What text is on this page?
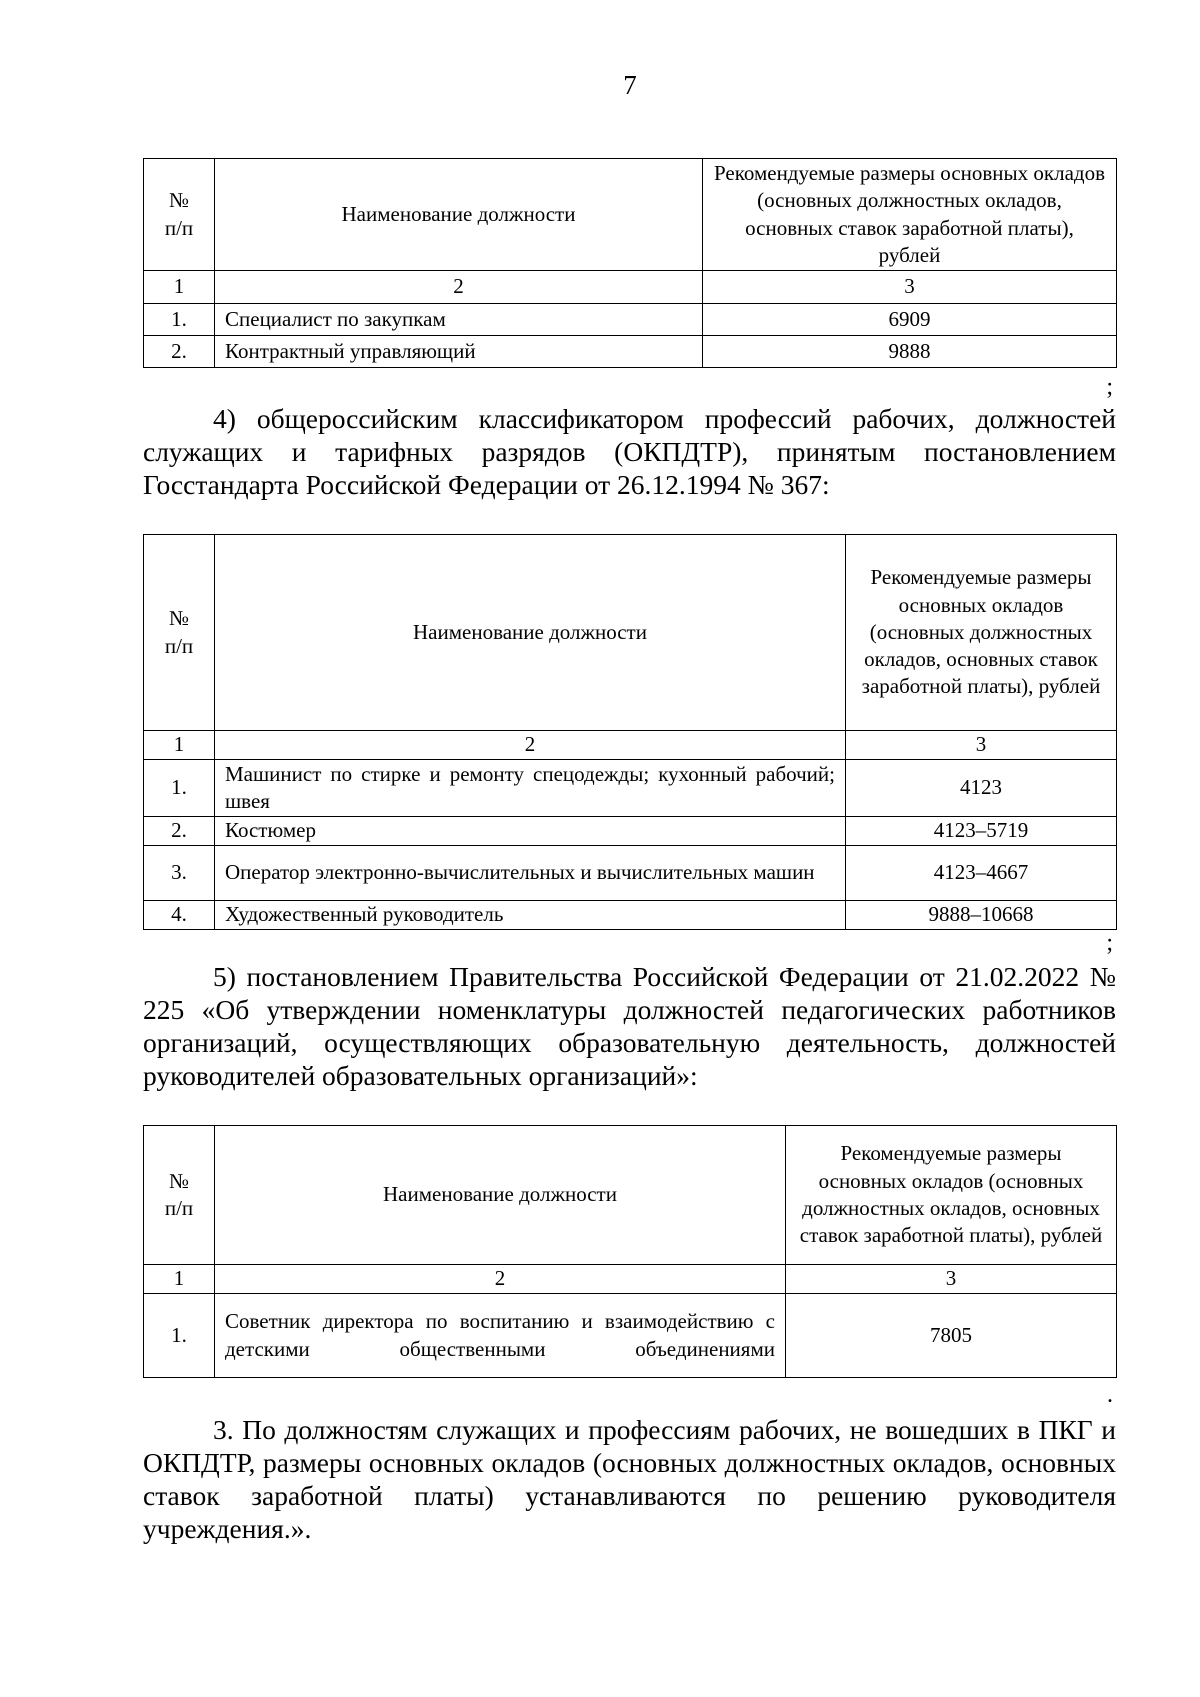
7
№ п/п	Наименование должности	Рекомендуемые размеры основных окладов (основных должностных окладов, основных ставок заработной платы), рублей
1	2	3
1.	Специалист по закупкам	6909
2.	Контрактный управляющий	9888
;

4) общероссийским классификатором профессий рабочих, должностей служащих и тарифных разрядов (ОКПДТР), принятым постановлением Госстандарта Российской Федерации от 26.12.1994 № 367:

№ п/п	Наименование должности	Рекомендуемые размеры основных окладов (основных должностных окладов, основных ставок заработной платы), рублей
1	2	3
1.	Машинист по стирке и ремонту спецодежды; кухонный рабочий; швея	4123
2.	Костюмер	4123–5719
3.	Оператор электронно-вычислительных и вычислительных машин	4123–4667
4.	Художественный руководитель	9888–10668
;

5) постановлением Правительства Российской Федерации от 21.02.2022 № 225 «Об утверждении номенклатуры должностей педагогических работников организаций, осуществляющих образовательную деятельность, должностей руководителей образовательных организаций»:

№ п/п	Наименование должности	Рекомендуемые размеры основных окладов (основных должностных окладов, основных ставок заработной платы), рублей
1	2	3
1.	Советник директора по воспитанию и взаимодействию с детскими общественными объединениями	7805
.

3. По должностям служащих и профессиям рабочих, не вошедших в ПКГ и ОКПДТР, размеры основных окладов (основных должностных окладов, основных ставок заработной платы) устанавливаются по решению руководителя учреждения.».
